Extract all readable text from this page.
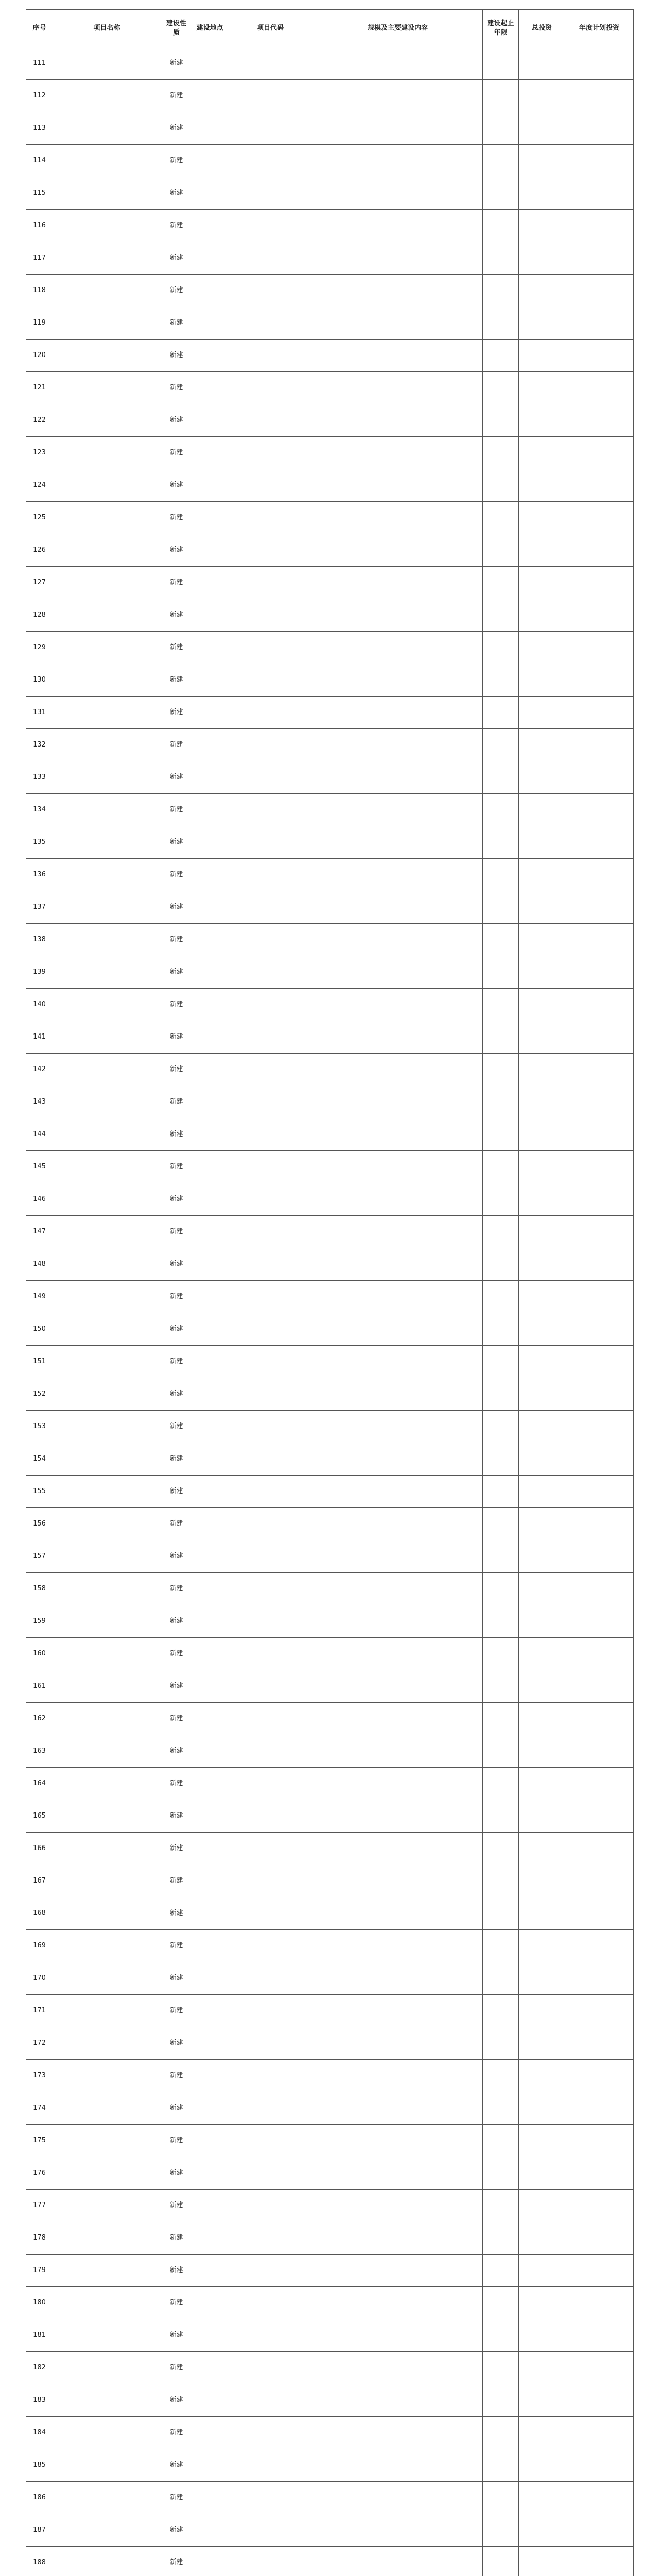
序号	项目名称	建设性质	建设地点	项目代码	规模及主要建设内容	建设起止年限	总投资	年度计划投资
111		新建						
112		新建						
113		新建						
114		新建						
115		新建						
116		新建						
117		新建						
118		新建						
119		新建						
120		新建						
121		新建						
122		新建						
123		新建						
124		新建						
125		新建						
126		新建						
127		新建						
128		新建						
129		新建						
130		新建						
131		新建						
132		新建						
133		新建						
134		新建						
135		新建						
136		新建						
137		新建						
138		新建						
139		新建						
140		新建						
141		新建						
142		新建						
143		新建						
144		新建						
145		新建						
146		新建						
147		新建						
148		新建						
149		新建						
150		新建						
151		新建						
152		新建						
153		新建						
154		新建						
155		新建						
156		新建						
157		新建						
158		新建						
159		新建						
160		新建						
161		新建						
162		新建						
163		新建						
164		新建						
165		新建						
166		新建						
167		新建						
168		新建						
169		新建						
170		新建						
171		新建						
172		新建						
173		新建						
174		新建						
175		新建						
176		新建						
177		新建						
178		新建						
179		新建						
180		新建						
181		新建						
182		新建						
183		新建						
184		新建						
185		新建						
186		新建						
187		新建						
188		新建						
